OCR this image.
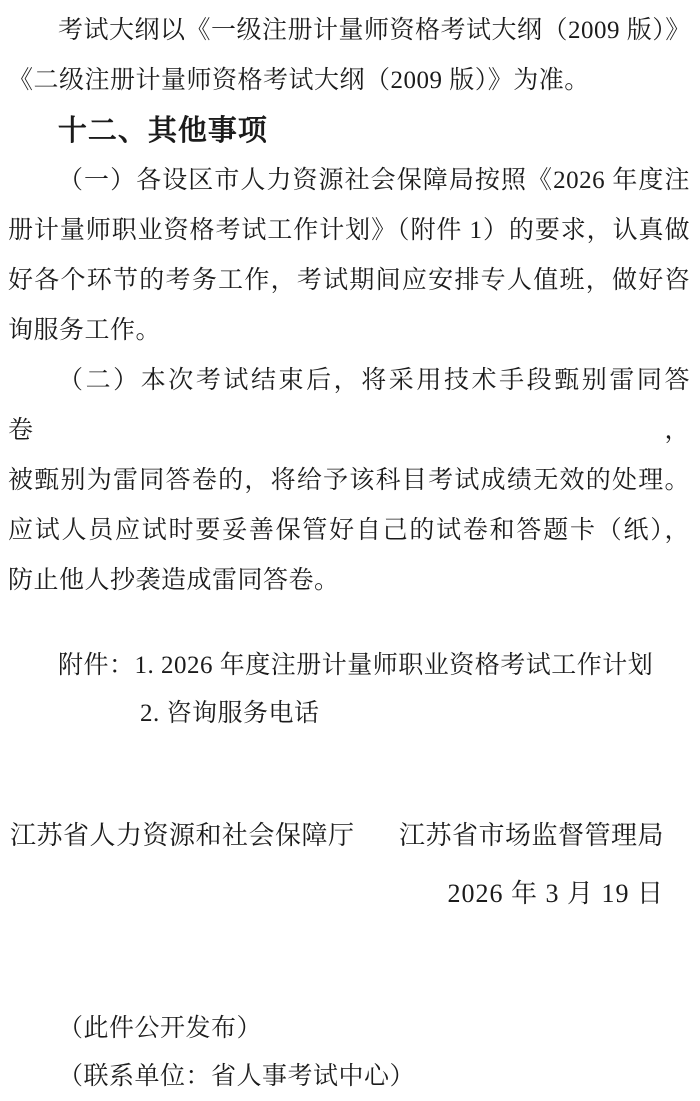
考试大纲以《一级注册计量师资格考试大纲（2009 版）》
《二级注册计量师资格考试大纲（2009 版）》为准。
十二、其他事项
（一）各设区市人力资源社会保障局按照《2026 年度注
册计量师职业资格考试工作计划》（附件 1）的要求，认真做
好各个环节的考务工作，考试期间应安排专人值班，做好咨
询服务工作。
（二）本次考试结束后，将采用技术手段甄别雷同答卷，
被甄别为雷同答卷的，将给予该科目考试成绩无效的处理。
应试人员应试时要妥善保管好自己的试卷和答题卡（纸），
防止他人抄袭造成雷同答卷。
附件：1. 2026 年度注册计量师职业资格考试工作计划
2. 咨询服务电话
江苏省人力资源和社会保障厅 江苏省市场监督管理局
2026 年 3 月 19 日
（此件公开发布）
（联系单位：省人事考试中心）
